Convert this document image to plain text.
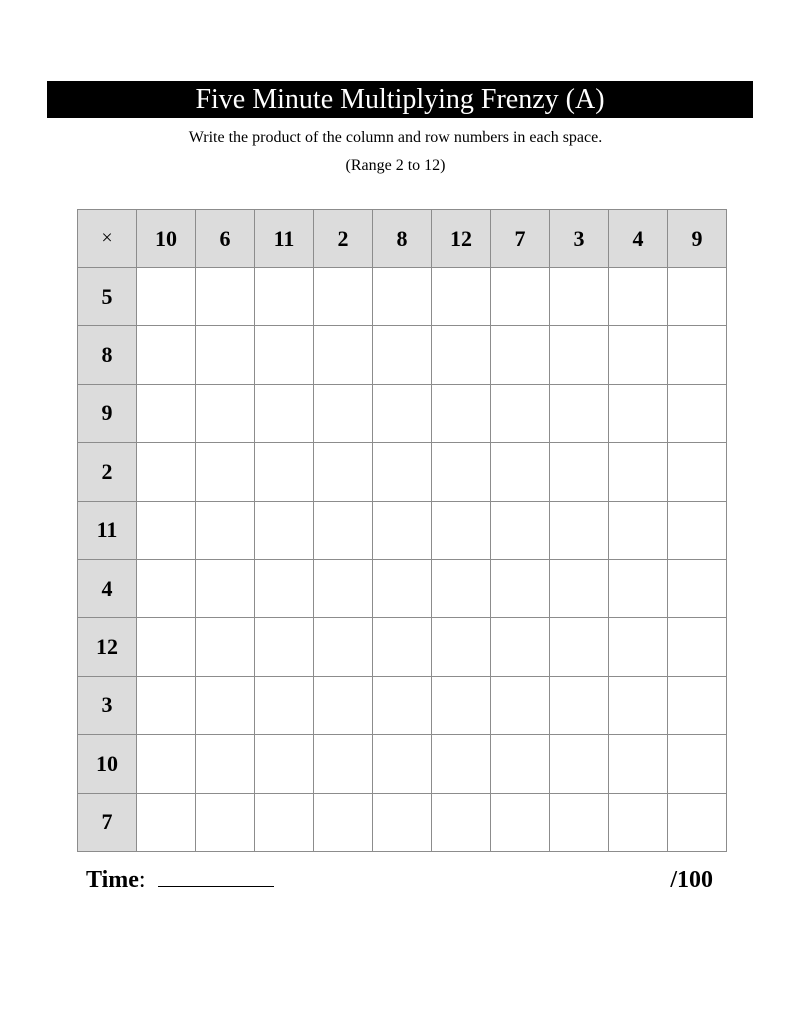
Five Minute Multiplying Frenzy (A)
Write the product of the column and row numbers in each space.
(Range 2 to 12)
×	10	6	11	2	8	12	7	3	4	9
5										
8										
9										
2										
11										
4										
12										
3										
10										
7										
Time:	/100
